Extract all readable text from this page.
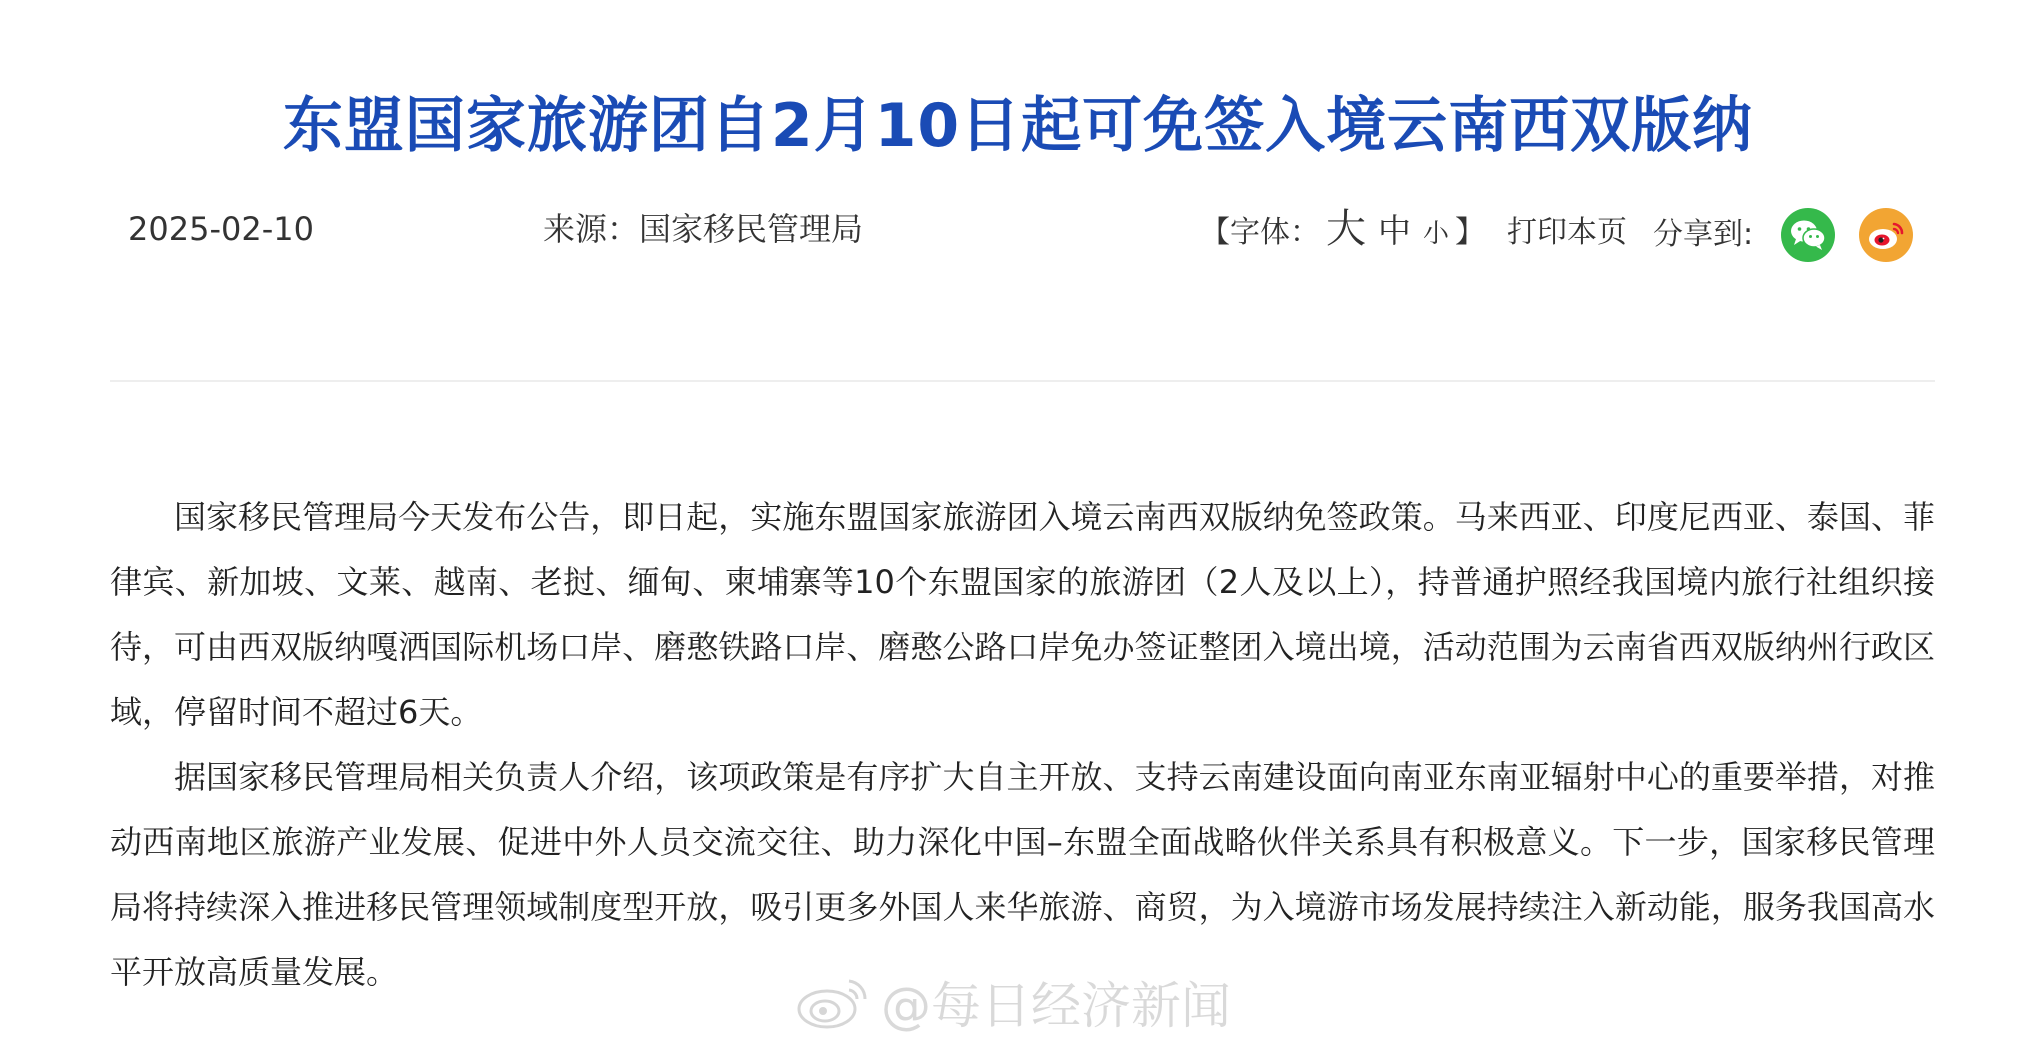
东盟国家旅游团自2月10日起可免签入境云南西双版纳
2025-02-10	来源：国家移民管理局	【字体： 大 中 小 】 打印本页 分享到:

国家移民管理局今天发布公告，即日起，实施东盟国家旅游团入境云南西双版纳免签政策。马来西亚、印度尼西亚、泰国、菲律宾、新加坡、文莱、越南、老挝、缅甸、柬埔寨等10个东盟国家的旅游团（2人及以上），持普通护照经我国境内旅行社组织接待，可由西双版纳嘎洒国际机场口岸、磨憨铁路口岸、磨憨公路口岸免办签证整团入境出境，活动范围为云南省西双版纳州行政区域，停留时间不超过6天。

据国家移民管理局相关负责人介绍，该项政策是有序扩大自主开放、支持云南建设面向南亚东南亚辐射中心的重要举措，对推动西南地区旅游产业发展、促进中外人员交流交往、助力深化中国–东盟全面战略伙伴关系具有积极意义。下一步，国家移民管理局将持续深入推进移民管理领域制度型开放，吸引更多外国人来华旅游、商贸，为入境游市场发展持续注入新动能，服务我国高水平开放高质量发展。

@每日经济新闻
